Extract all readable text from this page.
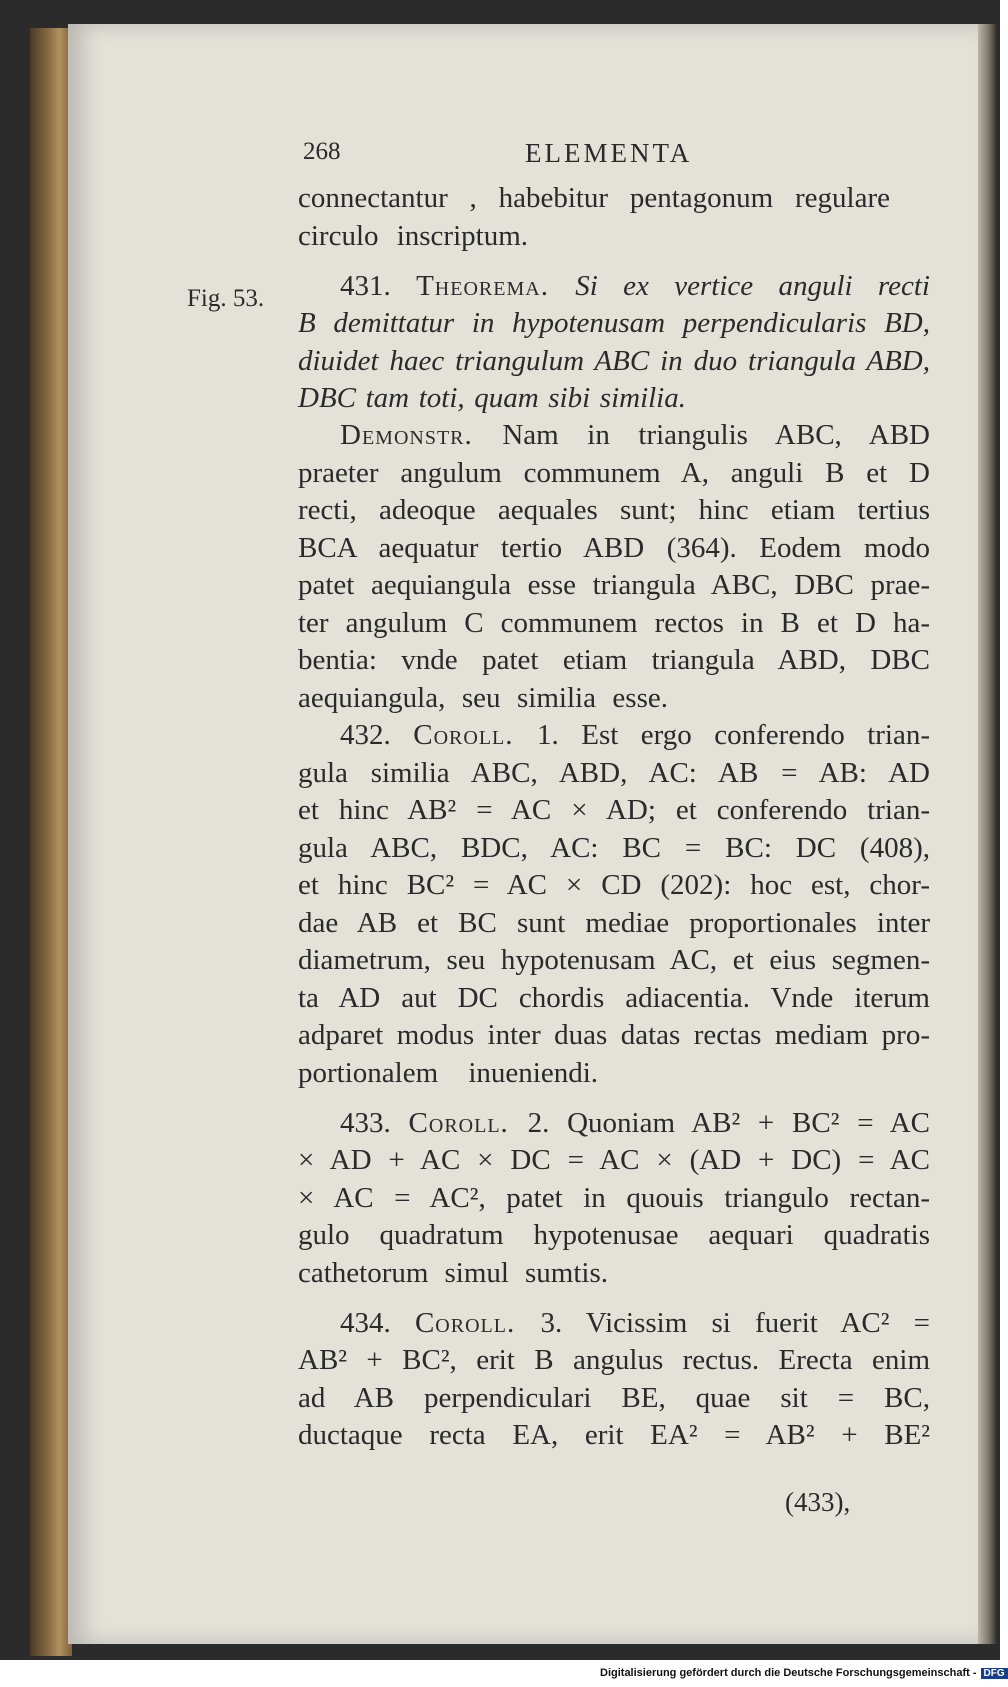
268	ELEMENTA
Fig. 53.
connectantur , habebitur pentagonum regulare
circulo inscriptum.
431. Theorema. Si ex vertice anguli recti
B demittatur in hypotenusam perpendicularis BD,
diuidet haec triangulum ABC in duo triangula ABD,
DBC tam toti, quam sibi similia.
Demonstr. Nam in triangulis ABC, ABD
praeter angulum communem A, anguli B et D
recti, adeoque aequales sunt; hinc etiam tertius
BCA aequatur tertio ABD (364). Eodem modo
patet aequiangula esse triangula ABC, DBC prae-
ter angulum C communem rectos in B et D ha-
bentia: vnde patet etiam triangula ABD, DBC
aequiangula, seu similia esse.
432. Coroll. 1. Est ergo conferendo trian-
gula similia ABC, ABD, AC: AB = AB: AD
et hinc AB² = AC × AD; et conferendo trian-
gula ABC, BDC, AC: BC = BC: DC (408),
et hinc BC² = AC × CD (202): hoc est, chor-
dae AB et BC sunt mediae proportionales inter
diametrum, seu hypotenusam AC, et eius segmen-
ta AD aut DC chordis adiacentia. Vnde iterum
adparet modus inter duas datas rectas mediam pro-
portionalem inueniendi.
433. Coroll. 2. Quoniam AB² + BC² = AC
× AD + AC × DC = AC × (AD + DC) = AC
× AC = AC², patet in quouis triangulo rectan-
gulo quadratum hypotenusae aequari quadratis
cathetorum simul sumtis.
434. Coroll. 3. Vicissim si fuerit AC² =
AB² + BC², erit B angulus rectus. Erecta enim
ad AB perpendiculari BE, quae sit = BC,
ductaque recta EA, erit EA² = AB² + BE²
(433),
Digitalisierung gefördert durch die Deutsche Forschungsgemeinschaft - DFG
